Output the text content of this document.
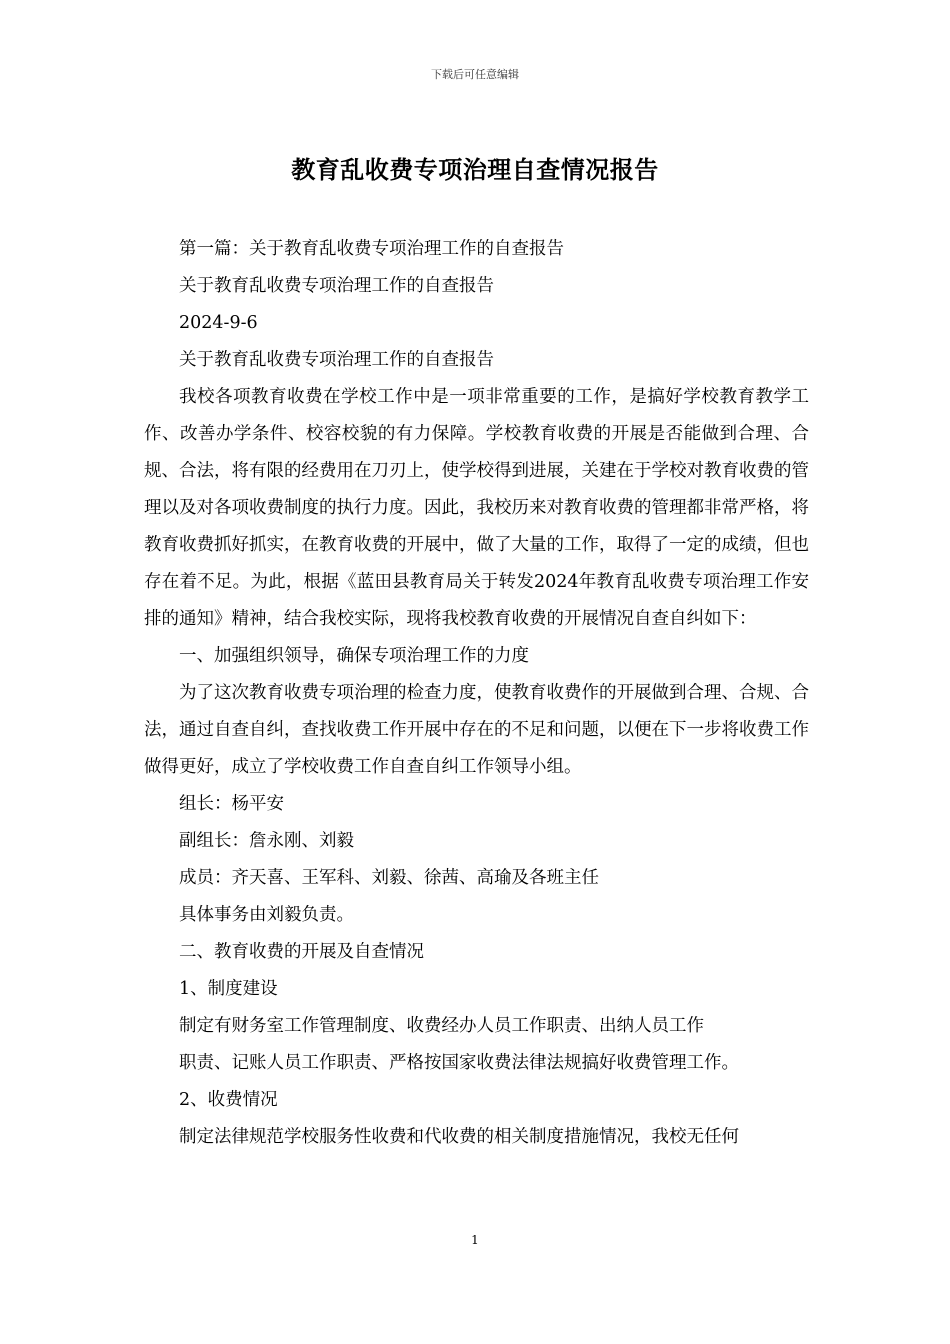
下载后可任意编辑
教育乱收费专项治理自查情况报告

第一篇：关于教育乱收费专项治理工作的自查报告

关于教育乱收费专项治理工作的自查报告

2024-9-6

关于教育乱收费专项治理工作的自查报告

我校各项教育收费在学校工作中是一项非常重要的工作，是搞好学校教育教学工作、改善办学条件、校容校貌的有力保障。学校教育收费的开展是否能做到合理、合规、合法，将有限的经费用在刀刃上，使学校得到进展，关建在于学校对教育收费的管理以及对各项收费制度的执行力度。因此，我校历来对教育收费的管理都非常严格，将教育收费抓好抓实，在教育收费的开展中，做了大量的工作，取得了一定的成绩，但也存在着不足。为此，根据《蓝田县教育局关于转发2024年教育乱收费专项治理工作安排的通知》精神，结合我校实际，现将我校教育收费的开展情况自查自纠如下：

一、加强组织领导，确保专项治理工作的力度

为了这次教育收费专项治理的检查力度，使教育收费作的开展做到合理、合规、合法，通过自查自纠，查找收费工作开展中存在的不足和问题，以便在下一步将收费工作做得更好，成立了学校收费工作自查自纠工作领导小组。

组长：杨平安

副组长：詹永刚、刘毅

成员：齐天喜、王军科、刘毅、徐茜、高瑜及各班主任

具体事务由刘毅负责。

二、教育收费的开展及自查情况

1、制度建设

制定有财务室工作管理制度、收费经办人员工作职责、出纳人员工作

职责、记账人员工作职责、严格按国家收费法律法规搞好收费管理工作。

2、收费情况

制定法律规范学校服务性收费和代收费的相关制度措施情况，我校无任何

1
